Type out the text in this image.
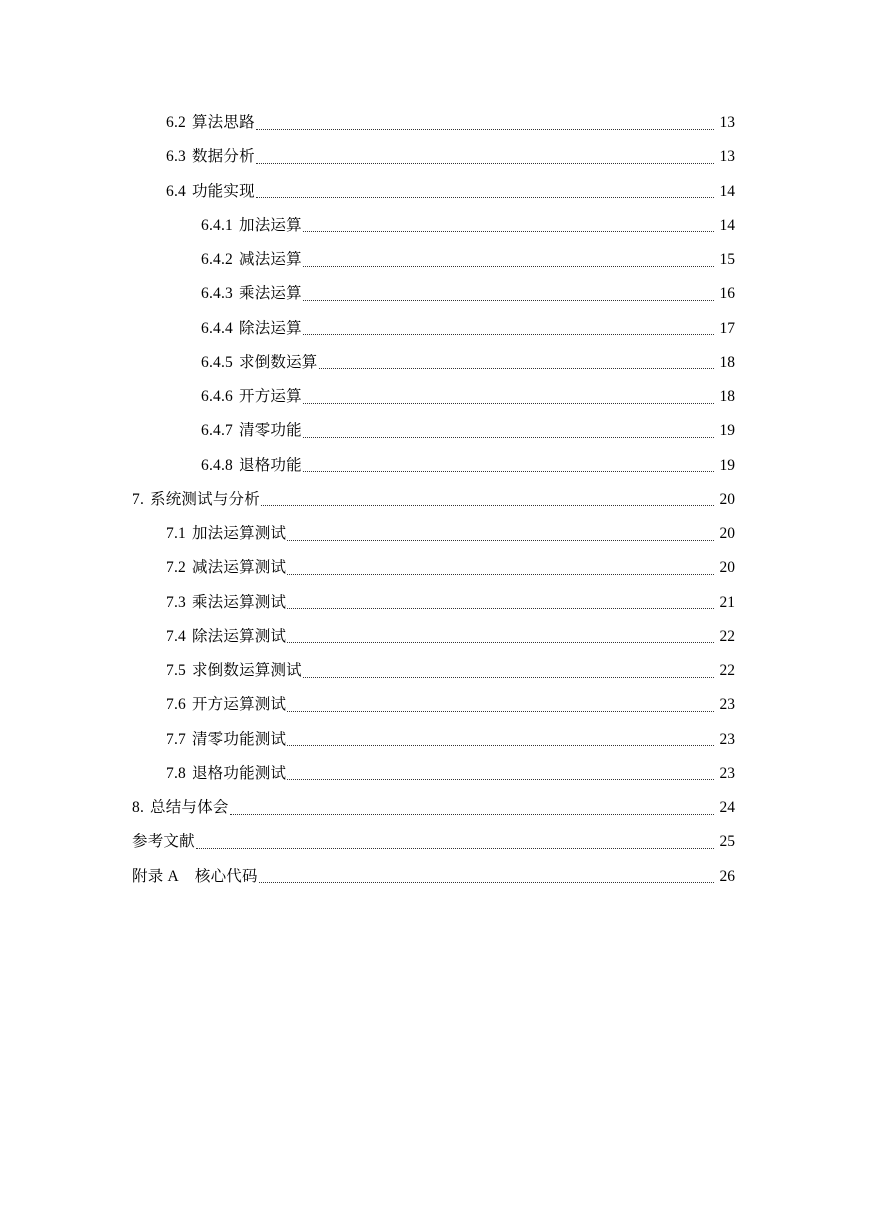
6.2 算法思路	13
6.3 数据分析	13
6.4 功能实现	14
6.4.1 加法运算	14
6.4.2 减法运算	15
6.4.3 乘法运算	16
6.4.4 除法运算	17
6.4.5 求倒数运算	18
6.4.6 开方运算	18
6.4.7 清零功能	19
6.4.8 退格功能	19
7. 系统测试与分析	20
7.1 加法运算测试	20
7.2 减法运算测试	20
7.3 乘法运算测试	21
7.4 除法运算测试	22
7.5 求倒数运算测试	22
7.6 开方运算测试	23
7.7 清零功能测试	23
7.8 退格功能测试	23
8. 总结与体会	24
参考文献	25
附录 A 核心代码	26
